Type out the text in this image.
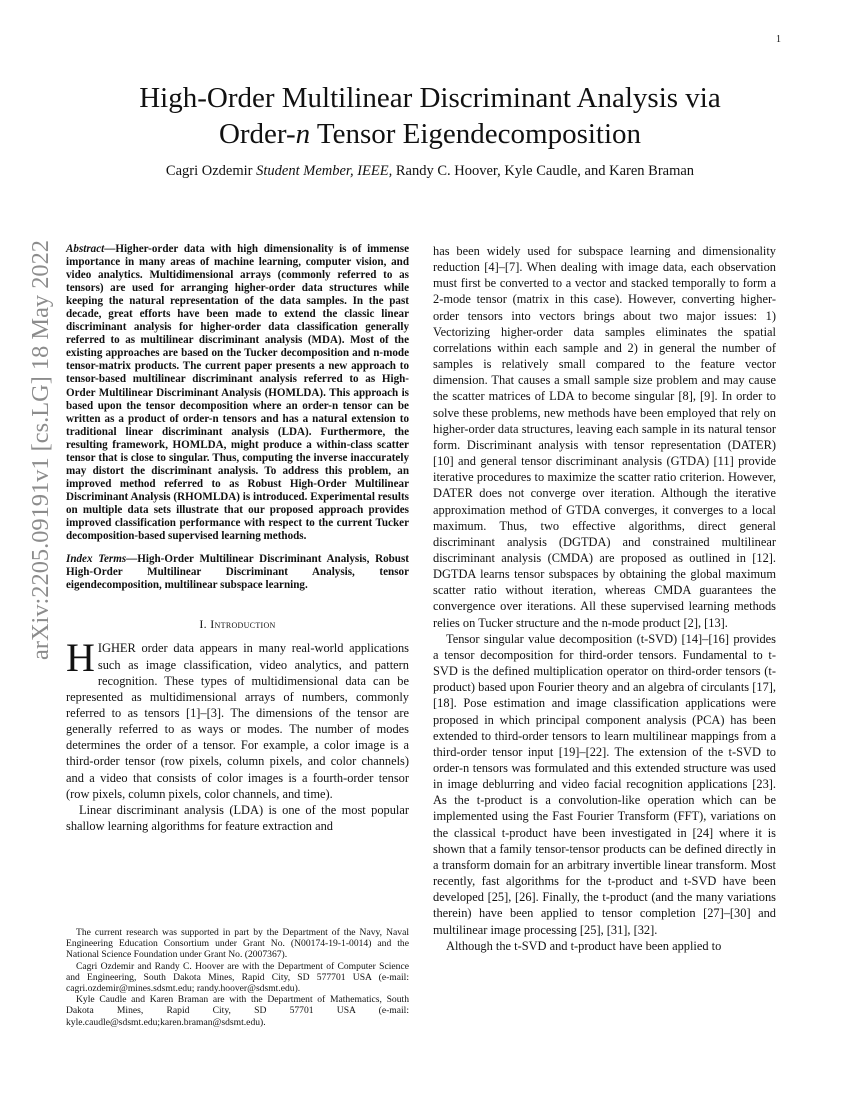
1
arXiv:2205.09191v1 [cs.LG] 18 May 2022
High-Order Multilinear Discriminant Analysis via
Order-n Tensor Eigendecomposition
Cagri Ozdemir Student Member, IEEE, Randy C. Hoover, Kyle Caudle, and Karen Braman

Abstract—Higher-order data with high dimensionality is of immense importance in many areas of machine learning, computer vision, and video analytics. Multidimensional arrays (commonly referred to as tensors) are used for arranging higher-order data structures while keeping the natural representation of the data samples. In the past decade, great efforts have been made to extend the classic linear discriminant analysis for higher-order data classification generally referred to as multilinear discriminant analysis (MDA). Most of the existing approaches are based on the Tucker decomposition and n-mode tensor-matrix products. The current paper presents a new approach to tensor-based multilinear discriminant analysis referred to as High-Order Multilinear Discriminant Analysis (HOMLDA). This approach is based upon the tensor decomposition where an order-n tensor can be written as a product of order-n tensors and has a natural extension to traditional linear discriminant analysis (LDA). Furthermore, the resulting framework, HOMLDA, might produce a within-class scatter tensor that is close to singular. Thus, computing the inverse inaccurately may distort the discriminant analysis. To address this problem, an improved method referred to as Robust High-Order Multilinear Discriminant Analysis (RHOMLDA) is introduced. Experimental results on multiple data sets illustrate that our proposed approach provides improved classification performance with respect to the current Tucker decomposition-based supervised learning methods.

Index Terms—High-Order Multilinear Discriminant Analysis, Robust High-Order Multilinear Discriminant Analysis, tensor eigendecomposition, multilinear subspace learning.

I. Introduction

HIGHER order data appears in many real-world applications such as image classification, video analytics, and pattern recognition. These types of multidimensional data can be represented as multidimensional arrays of numbers, commonly referred to as tensors [1]–[3]. The dimensions of the tensor are generally referred to as ways or modes. The number of modes determines the order of a tensor. For example, a color image is a third-order tensor (row pixels, column pixels, and color channels) and a video that consists of color images is a fourth-order tensor (row pixels, column pixels, color channels, and time).

Linear discriminant analysis (LDA) is one of the most popular shallow learning algorithms for feature extraction and

The current research was supported in part by the Department of the Navy, Naval Engineering Education Consortium under Grant No. (N00174-19-1-0014) and the National Science Foundation under Grant No. (2007367).

Cagri Ozdemir and Randy C. Hoover are with the Department of Computer Science and Engineering, South Dakota Mines, Rapid City, SD 577701 USA (e-mail: cagri.ozdemir@mines.sdsmt.edu; randy.hoover@sdsmt.edu).

Kyle Caudle and Karen Braman are with the Department of Mathematics, South Dakota Mines, Rapid City, SD 57701 USA (e-mail: kyle.caudle@sdsmt.edu;karen.braman@sdsmt.edu).

has been widely used for subspace learning and dimensionality reduction [4]–[7]. When dealing with image data, each observation must first be converted to a vector and stacked temporally to form a 2-mode tensor (matrix in this case). However, converting higher-order tensors into vectors brings about two major issues: 1) Vectorizing higher-order data samples eliminates the spatial correlations within each sample and 2) in general the number of samples is relatively small compared to the feature vector dimension. That causes a small sample size problem and may cause the scatter matrices of LDA to become singular [8], [9]. In order to solve these problems, new methods have been employed that rely on higher-order data structures, leaving each sample in its natural tensor form. Discriminant analysis with tensor representation (DATER) [10] and general tensor discriminant analysis (GTDA) [11] provide iterative procedures to maximize the scatter ratio criterion. However, DATER does not converge over iteration. Although the iterative approximation method of GTDA converges, it converges to a local maximum. Thus, two effective algorithms, direct general discriminant analysis (DGTDA) and constrained multilinear discriminant analysis (CMDA) are proposed as outlined in [12]. DGTDA learns tensor subspaces by obtaining the global maximum scatter ratio without iteration, whereas CMDA guarantees the convergence over iterations. All these supervised learning methods relies on Tucker structure and the n-mode product [2], [13].

Tensor singular value decomposition (t-SVD) [14]–[16] provides a tensor decomposition for third-order tensors. Fundamental to t-SVD is the defined multiplication operator on third-order tensors (t-product) based upon Fourier theory and an algebra of circulants [17], [18]. Pose estimation and image classification applications were proposed in which principal component analysis (PCA) has been extended to third-order tensors to learn multilinear mappings from a third-order tensor input [19]–[22]. The extension of the t-SVD to order-n tensors was formulated and this extended structure was used in image deblurring and video facial recognition applications [23]. As the t-product is a convolution-like operation which can be implemented using the Fast Fourier Transform (FFT), variations on the classical t-product have been investigated in [24] where it is shown that a family tensor-tensor products can be defined directly in a transform domain for an arbitrary invertible linear transform. Most recently, fast algorithms for the t-product and t-SVD have been developed [25], [26]. Finally, the t-product (and the many variations therein) have been applied to tensor completion [27]–[30] and multilinear image processing [25], [31], [32].

Although the t-SVD and t-product have been applied to
